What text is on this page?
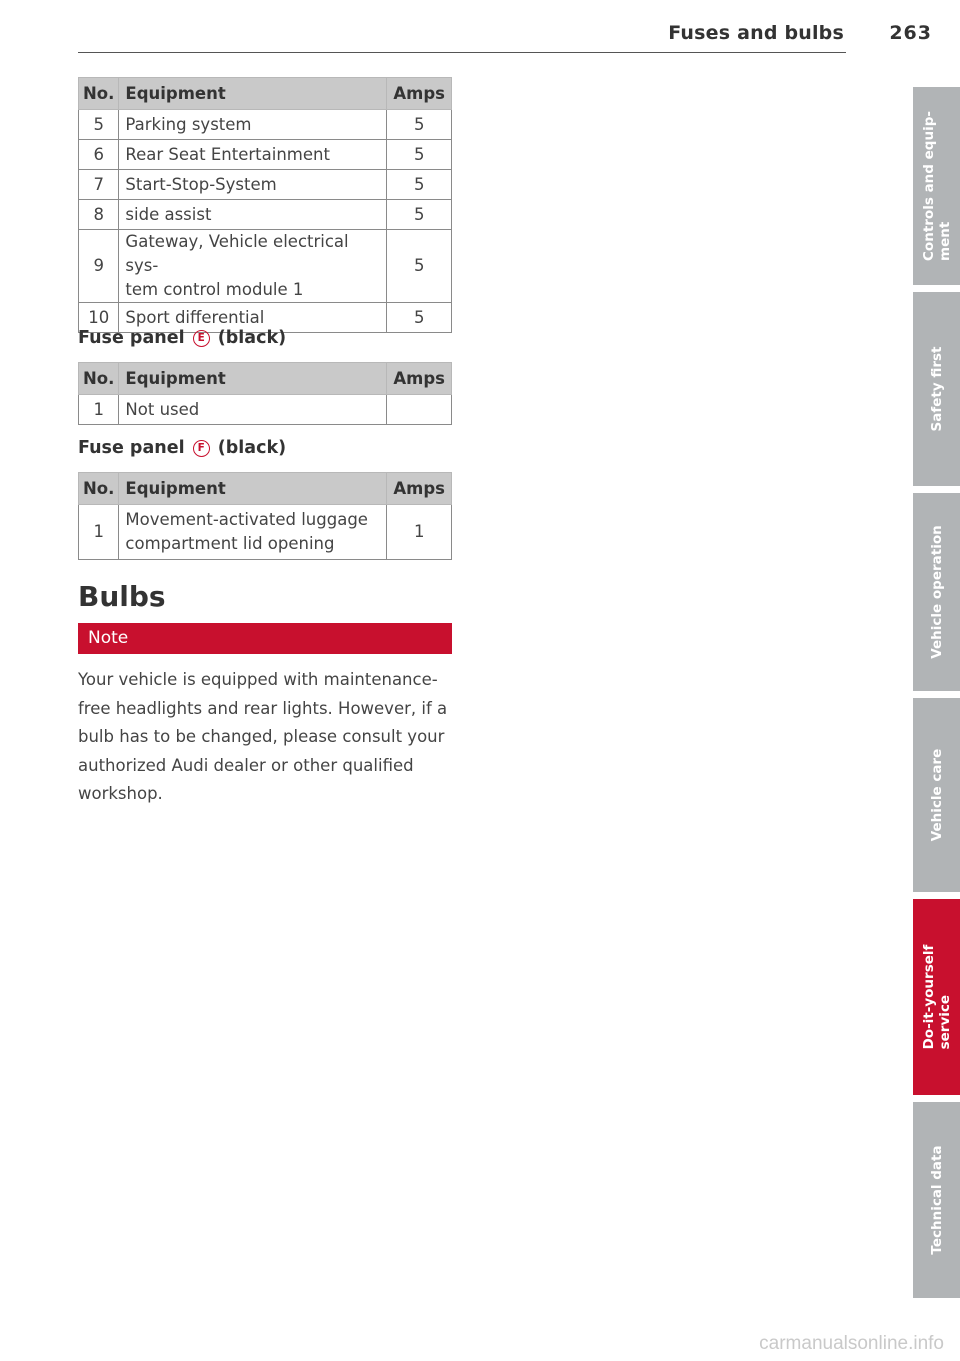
Fuses and bulbs 263
No.	Equipment	Amps
5	Parking system	5
6	Rear Seat Entertainment	5
7	Start-Stop-System	5
8	side assist	5
9	Gateway, Vehicle electrical sys-
tem control module 1	5
10	Sport differential	5
Fuse panel E (black)
No.	Equipment	Amps
1	Not used	
Fuse panel F (black)
No.	Equipment	Amps
1	Movement-activated luggage
compartment lid opening	1
Bulbs
Note
Your vehicle is equipped with maintenance-free headlights and rear lights. However, if a bulb has to be changed, please consult your authorized Audi dealer or other qualified workshop.
Controls and equip- ment
Safety first
Vehicle operation
Vehicle care
Do-it-yourself service
Technical data
carmanualsonline.info
